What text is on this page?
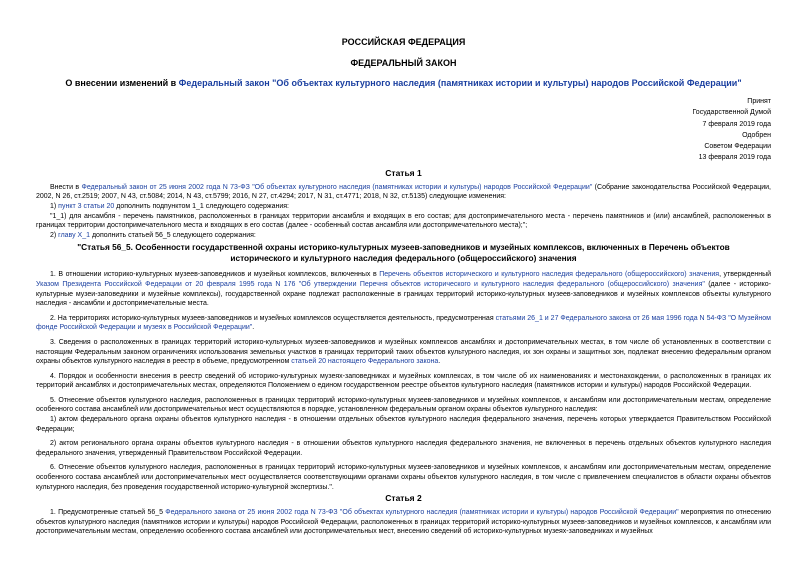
РОССИЙСКАЯ ФЕДЕРАЦИЯ
ФЕДЕРАЛЬНЫЙ ЗАКОН
О внесении изменений в Федеральный закон "Об объектах культурного наследия (памятниках истории и культуры) народов Российской Федерации"
Принят
Государственной Думой
7 февраля 2019 года
Одобрен
Советом Федерации
13 февраля 2019 года
Статья 1

Внести в Федеральный закон от 25 июня 2002 года N 73-ФЗ "Об объектах культурного наследия (памятниках истории и культуры) народов Российской Федерации" (Собрание законодательства Российской Федерации, 2002, N 26, ст.2519; 2007, N 43, ст.5084; 2014, N 43, ст.5799; 2016, N 27, ст.4294; 2017, N 31, ст.4771; 2018, N 32, ст.5135) следующие изменения:

1) пункт 3 статьи 20 дополнить подпунктом 1_1 следующего содержания:

"1_1) для ансамбля - перечень памятников, расположенных в границах территории ансамбля и входящих в его состав; для достопримечательного места - перечень памятников и (или) ансамблей, расположенных в границах территории достопримечательного места и входящих в его состав (далее - особенный состав ансамбля или достопримечательного места);";

2) главу X_1 дополнить статьей 56_5 следующего содержания:

"Статья 56_5. Особенности государственной охраны историко-культурных музеев-заповедников и музейных комплексов, включенных в Перечень объектов исторического и культурного наследия федерального (общероссийского) значения

1. В отношении историко-культурных музеев-заповедников и музейных комплексов, включенных в Перечень объектов исторического и культурного наследия федерального (общероссийского) значения, утвержденный Указом Президента Российской Федерации от 20 февраля 1995 года N 176 "Об утверждении Перечня объектов исторического и культурного наследия федерального (общероссийского) значения" (далее - историко-культурные музеи-заповедники и музейные комплексы), государственной охране подлежат расположенные в границах территорий историко-культурных музеев-заповедников и музейных комплексов объекты культурного наследия - ансамбли и достопримечательные места.

2. На территориях историко-культурных музеев-заповедников и музейных комплексов осуществляется деятельность, предусмотренная статьями 26_1 и 27 Федерального закона от 26 мая 1996 года N 54-ФЗ "О Музейном фонде Российской Федерации и музеях в Российской Федерации".

3. Сведения о расположенных в границах территорий историко-культурных музеев-заповедников и музейных комплексов ансамблях и достопримечательных местах, в том числе об установленных в соответствии с настоящим Федеральным законом ограничениях использования земельных участков в границах территорий таких объектов культурного наследия, их зон охраны и защитных зон, подлежат внесению федеральным органом охраны объектов культурного наследия в реестр в объеме, предусмотренном статьей 20 настоящего Федерального закона.

4. Порядок и особенности внесения в реестр сведений об историко-культурных музеях-заповедниках и музейных комплексах, в том числе об их наименованиях и местонахождении, о расположенных в границах их территорий ансамблях и достопримечательных местах, определяются Положением о едином государственном реестре объектов культурного наследия (памятников истории и культуры) народов Российской Федерации.

5. Отнесение объектов культурного наследия, расположенных в границах территорий историко-культурных музеев-заповедников и музейных комплексов, к ансамблям или достопримечательным местам, определение особенного состава ансамблей или достопримечательных мест осуществляются в порядке, установленном федеральным органом охраны объектов культурного наследия:

1) актом федерального органа охраны объектов культурного наследия - в отношении отдельных объектов культурного наследия федерального значения, перечень которых утверждается Правительством Российской Федерации;

2) актом регионального органа охраны объектов культурного наследия - в отношении объектов культурного наследия федерального значения, не включенных в перечень отдельных объектов культурного наследия федерального значения, утвержденный Правительством Российской Федерации.

6. Отнесение объектов культурного наследия, расположенных в границах территорий историко-культурных музеев-заповедников и музейных комплексов, к ансамблям или достопримечательным местам, определение особенного состава ансамблей или достопримечательных мест осуществляется соответствующими органами охраны объектов культурного наследия, в том числе с привлечением специалистов в области охраны объектов культурного наследия, без проведения государственной историко-культурной экспертизы.".

Статья 2

1. Предусмотренные статьей 56_5 Федерального закона от 25 июня 2002 года N 73-ФЗ "Об объектах культурного наследия (памятниках истории и культуры) народов Российской Федерации" мероприятия по отнесению объектов культурного наследия (памятников истории и культуры) народов Российской Федерации, расположенных в границах территорий историко-культурных музеев-заповедников и музейных комплексов, к ансамблям или достопримечательным местам, определению особенного состава ансамблей или достопримечательных мест, внесению сведений об историко-культурных музеях-заповедниках и музейных
